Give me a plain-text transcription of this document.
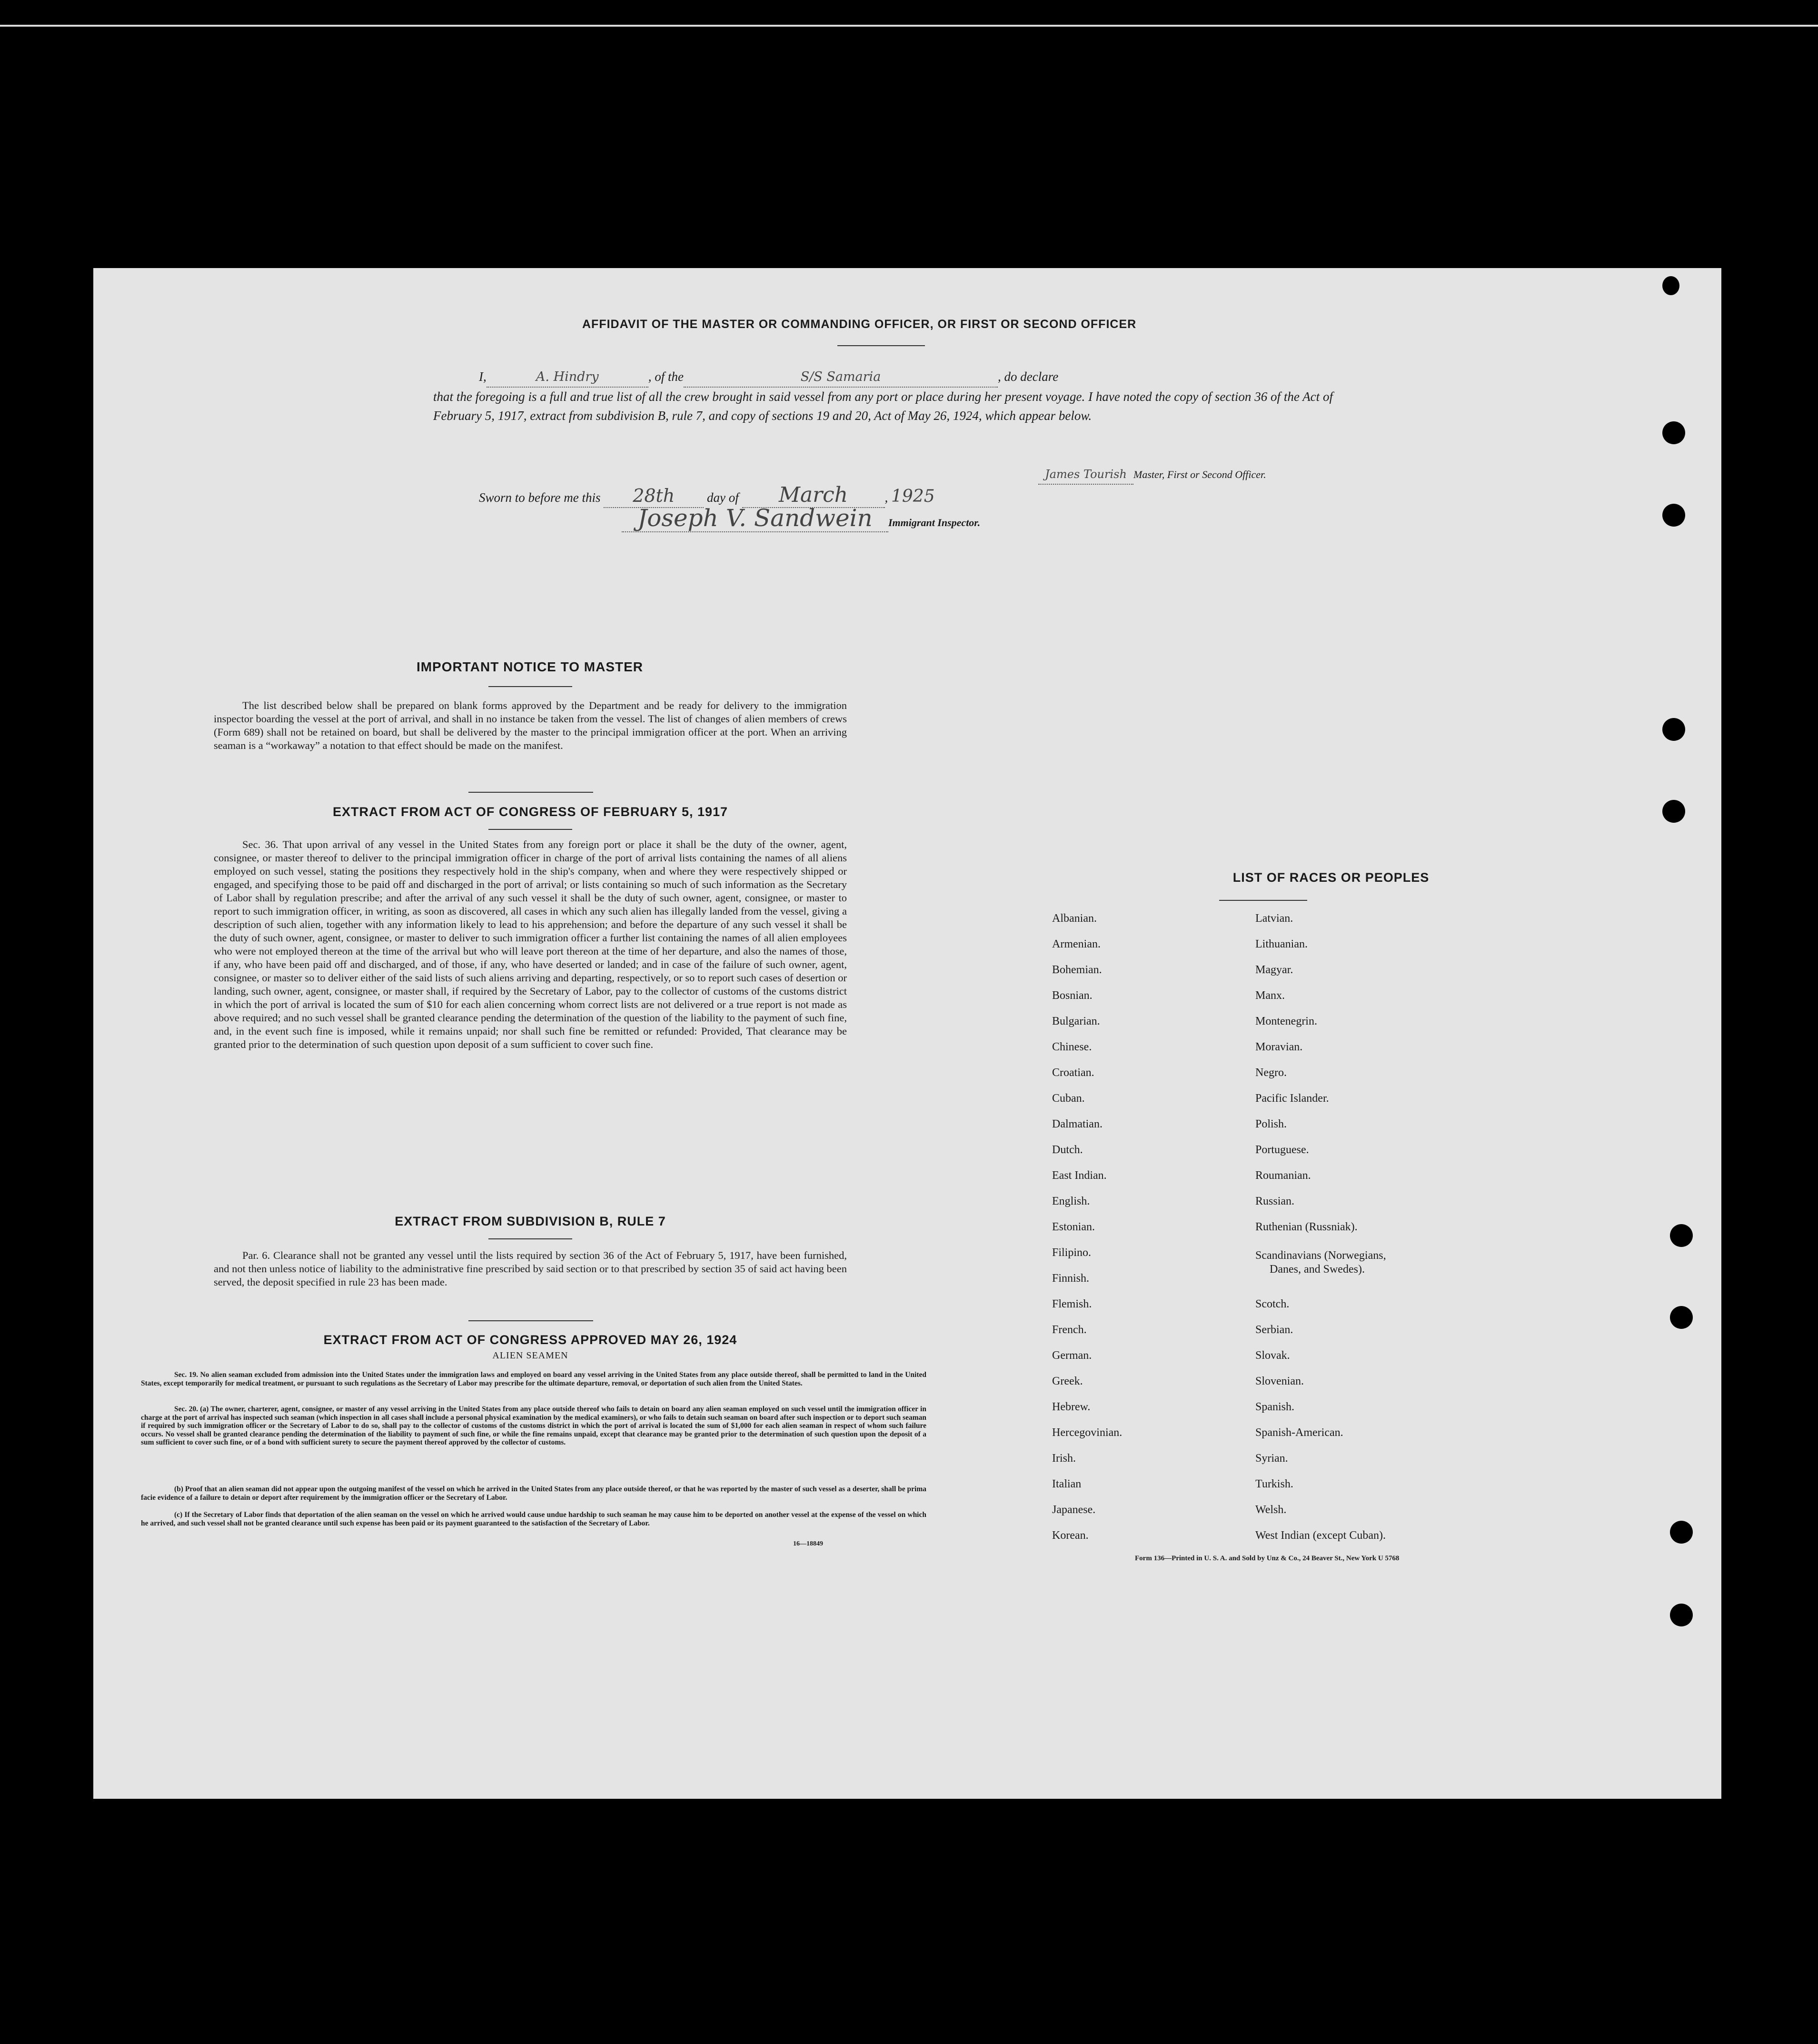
AFFIDAVIT OF THE MASTER OR COMMANDING OFFICER, OR FIRST OR SECOND OFFICER
I,	A. Hindry	, of the	S/S Samaria	, do declare
that the foregoing is a full and true list of all the crew brought in said vessel from any port or place during her present voyage. I have noted the copy of section 36 of the Act of February 5, 1917, extract from subdivision B, rule 7, and copy of sections 19 and 20, Act of May 26, 1924, which appear below.
James Tourish Master, First or Second Officer.
Sworn to before me this 28th	day of March	, 1925
Joseph V. Sandwein Immigrant Inspector.
IMPORTANT NOTICE TO MASTER
The list described below shall be prepared on blank forms approved by the Department and be ready for delivery to the immigration inspector boarding the vessel at the port of arrival, and shall in no instance be taken from the vessel. The list of changes of alien members of crews (Form 689) shall not be retained on board, but shall be delivered by the master to the principal immigration officer at the port. When an arriving seaman is a “workaway” a notation to that effect should be made on the manifest.
EXTRACT FROM ACT OF CONGRESS OF FEBRUARY 5, 1917
Sec. 36. That upon arrival of any vessel in the United States from any foreign port or place it shall be the duty of the owner, agent, consignee, or master thereof to deliver to the principal immigration officer in charge of the port of arrival lists containing the names of all aliens employed on such vessel, stating the positions they respectively hold in the ship's company, when and where they were respectively shipped or engaged, and specifying those to be paid off and discharged in the port of arrival; or lists containing so much of such information as the Secretary of Labor shall by regulation prescribe; and after the arrival of any such vessel it shall be the duty of such owner, agent, consignee, or master to report to such immigration officer, in writing, as soon as discovered, all cases in which any such alien has illegally landed from the vessel, giving a description of such alien, together with any information likely to lead to his apprehension; and before the departure of any such vessel it shall be the duty of such owner, agent, consignee, or master to deliver to such immigration officer a further list containing the names of all alien employees who were not employed thereon at the time of the arrival but who will leave port thereon at the time of her departure, and also the names of those, if any, who have been paid off and discharged, and of those, if any, who have deserted or landed; and in case of the failure of such owner, agent, consignee, or master so to deliver either of the said lists of such aliens arriving and departing, respectively, or so to report such cases of desertion or landing, such owner, agent, consignee, or master shall, if required by the Secretary of Labor, pay to the collector of customs of the customs district in which the port of arrival is located the sum of $10 for each alien concerning whom correct lists are not delivered or a true report is not made as above required; and no such vessel shall be granted clearance pending the determination of the question of the liability to the payment of such fine, and, in the event such fine is imposed, while it remains unpaid; nor shall such fine be remitted or refunded: Provided, That clearance may be granted prior to the determination of such question upon deposit of a sum sufficient to cover such fine.
EXTRACT FROM SUBDIVISION B, RULE 7
Par. 6. Clearance shall not be granted any vessel until the lists required by section 36 of the Act of February 5, 1917, have been furnished, and not then unless notice of liability to the administrative fine prescribed by said section or to that prescribed by section 35 of said act having been served, the deposit specified in rule 23 has been made.
EXTRACT FROM ACT OF CONGRESS APPROVED MAY 26, 1924
ALIEN SEAMEN
Sec. 19. No alien seaman excluded from admission into the United States under the immigration laws and employed on board any vessel arriving in the United States from any place outside thereof, shall be permitted to land in the United States, except temporarily for medical treatment, or pursuant to such regulations as the Secretary of Labor may prescribe for the ultimate departure, removal, or deportation of such alien from the United States.
Sec. 20. (a) The owner, charterer, agent, consignee, or master of any vessel arriving in the United States from any place outside thereof who fails to detain on board any alien seaman employed on such vessel until the immigration officer in charge at the port of arrival has inspected such seaman (which inspection in all cases shall include a personal physical examination by the medical examiners), or who fails to detain such seaman on board after such inspection or to deport such seaman if required by such immigration officer or the Secretary of Labor to do so, shall pay to the collector of customs of the customs district in which the port of arrival is located the sum of $1,000 for each alien seaman in respect of whom such failure occurs. No vessel shall be granted clearance pending the determination of the liability to payment of such fine, or while the fine remains unpaid, except that clearance may be granted prior to the determination of such question upon the deposit of a sum sufficient to cover such fine, or of a bond with sufficient surety to secure the payment thereof approved by the collector of customs.
(b) Proof that an alien seaman did not appear upon the outgoing manifest of the vessel on which he arrived in the United States from any place outside thereof, or that he was reported by the master of such vessel as a deserter, shall be prima facie evidence of a failure to detain or deport after requirement by the immigration officer or the Secretary of Labor.
(c) If the Secretary of Labor finds that deportation of the alien seaman on the vessel on which he arrived would cause undue hardship to such seaman he may cause him to be deported on another vessel at the expense of the vessel on which he arrived, and such vessel shall not be granted clearance until such expense has been paid or its payment guaranteed to the satisfaction of the Secretary of Labor.
16—18849
LIST OF RACES OR PEOPLES
Albanian.
Armenian.
Bohemian.
Bosnian.
Bulgarian.
Chinese.
Croatian.
Cuban.
Dalmatian.
Dutch.
East Indian.
English.
Estonian.
Filipino.
Finnish.
Flemish.
French.
German.
Greek.
Hebrew.
Hercegovinian.
Irish.
Italian
Japanese.
Korean.
Latvian.
Lithuanian.
Magyar.
Manx.
Montenegrin.
Moravian.
Negro.
Pacific Islander.
Polish.
Portuguese.
Roumanian.
Russian.
Ruthenian (Russniak).
Scandinavians (Norwegians,
Danes, and Swedes).
Scotch.
Serbian.
Slovak.
Slovenian.
Spanish.
Spanish-American.
Syrian.
Turkish.
Welsh.
West Indian (except Cuban).
Form 136—Printed in U. S. A. and Sold by Unz & Co., 24 Beaver St., New York U 5768
